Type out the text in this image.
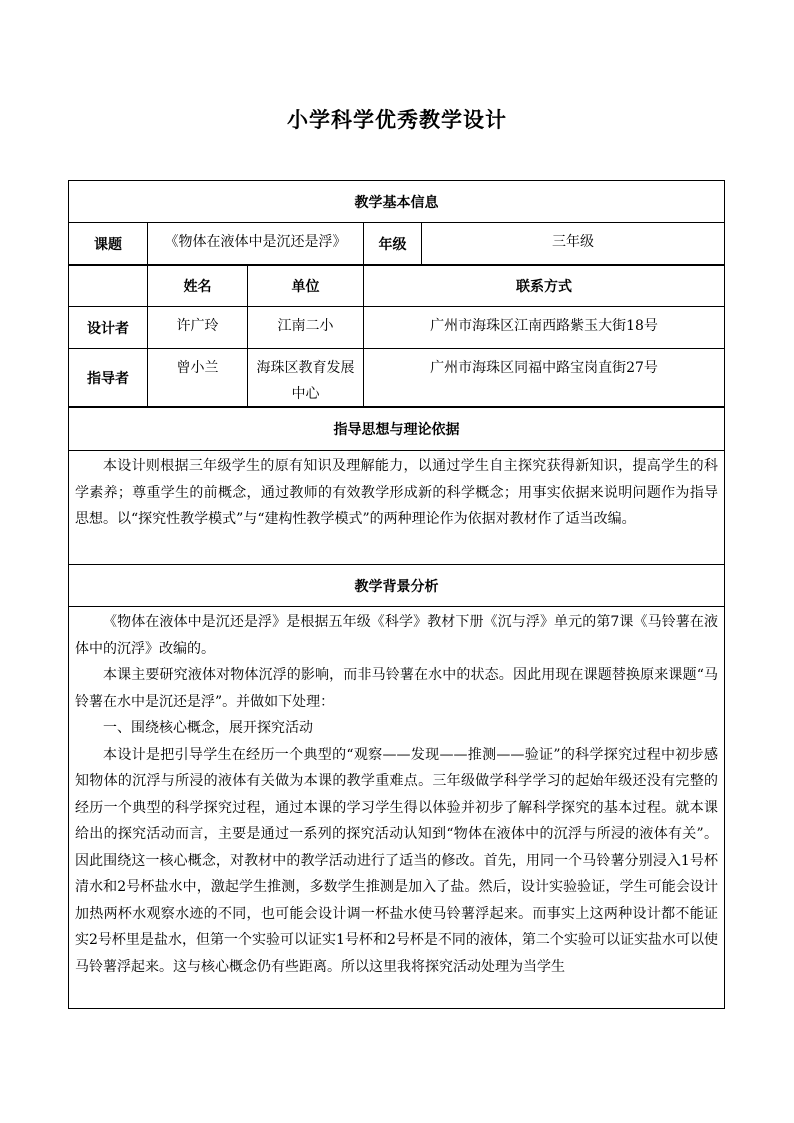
小学科学优秀教学设计
教学基本信息
课题	《物体在液体中是沉还是浮》	年级	三年级
	姓名	单位	联系方式
设计者	许广玲	江南二小	广州市海珠区江南西路紫玉大街18号
指导者	曾小兰	海珠区教育发展中心	广州市海珠区同福中路宝岗直街27号
指导思想与理论依据

本设计则根据三年级学生的原有知识及理解能力，以通过学生自主探究获得新知识，提高学生的科学素养；尊重学生的前概念，通过教师的有效教学形成新的科学概念；用事实依据来说明问题作为指导思想。以“探究性教学模式”与“建构性教学模式”的两种理论作为依据对教材作了适当改编。

教学背景分析

《物体在液体中是沉还是浮》是根据五年级《科学》教材下册《沉与浮》单元的第7课《马铃薯在液体中的沉浮》改编的。

本课主要研究液体对物体沉浮的影响，而非马铃薯在水中的状态。因此用现在课题替换原来课题“马铃薯在水中是沉还是浮”。并做如下处理：

一、围绕核心概念，展开探究活动

本设计是把引导学生在经历一个典型的“观察——发现——推测——验证”的科学探究过程中初步感知物体的沉浮与所浸的液体有关做为本课的教学重难点。三年级做学科学学习的起始年级还没有完整的经历一个典型的科学探究过程，通过本课的学习学生得以体验并初步了解科学探究的基本过程。就本课给出的探究活动而言，主要是通过一系列的探究活动认知到“物体在液体中的沉浮与所浸的液体有关”。因此围绕这一核心概念，对教材中的教学活动进行了适当的修改。首先，用同一个马铃薯分别浸入1号杯清水和2号杯盐水中，激起学生推测，多数学生推测是加入了盐。然后，设计实验验证，学生可能会设计加热两杯水观察水迹的不同，也可能会设计调一杯盐水使马铃薯浮起来。而事实上这两种设计都不能证实2号杯里是盐水，但第一个实验可以证实1号杯和2号杯是不同的液体，第二个实验可以证实盐水可以使马铃薯浮起来。这与核心概念仍有些距离。所以这里我将探究活动处理为当学生
